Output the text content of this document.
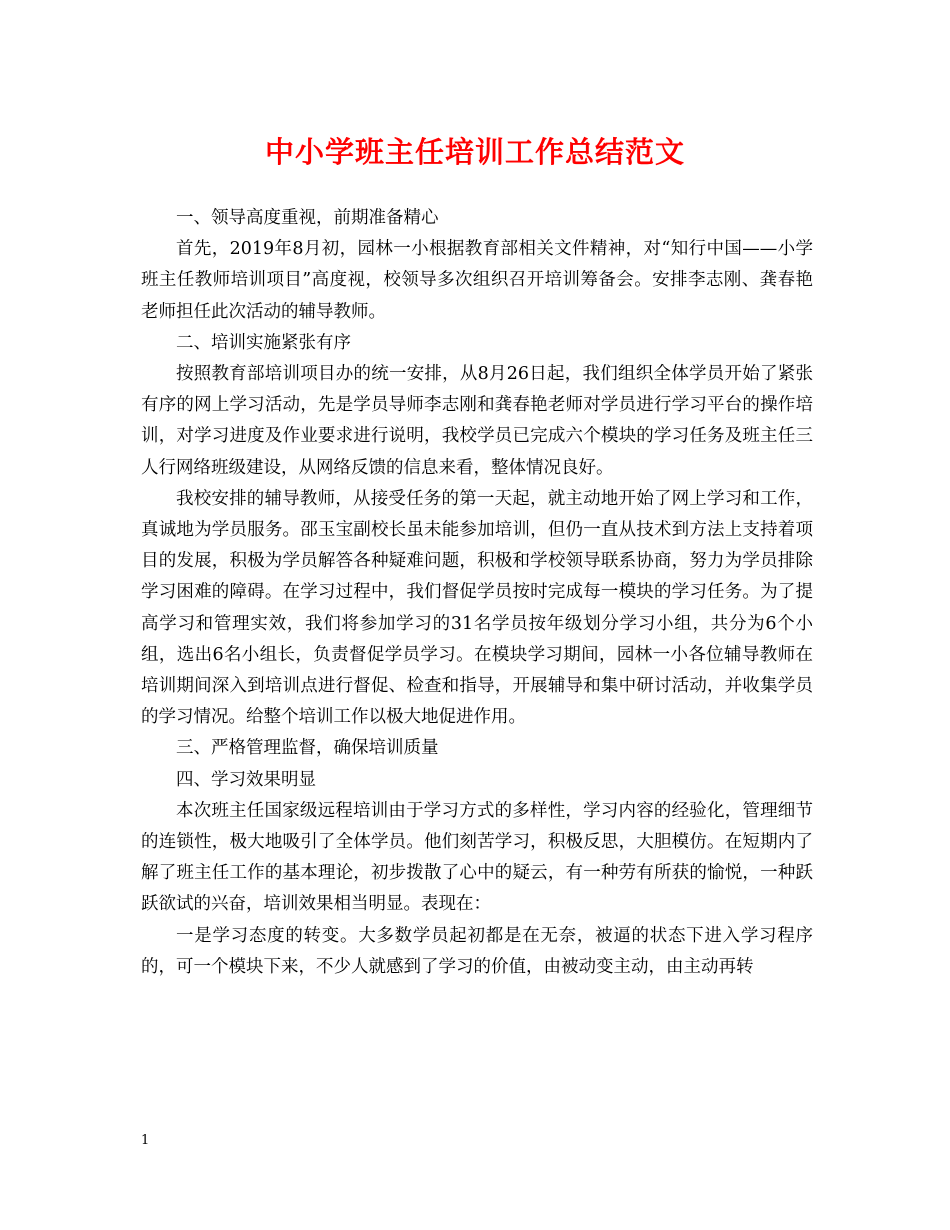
中小学班主任培训工作总结范文

一、领导高度重视，前期准备精心

首先，2019年8月初，园林一小根据教育部相关文件精神，对“知行中国——小学班主任教师培训项目”高度视，校领导多次组织召开培训筹备会。安排李志刚、龚春艳老师担任此次活动的辅导教师。

二、培训实施紧张有序

按照教育部培训项目办的统一安排，从8月26日起，我们组织全体学员开始了紧张有序的网上学习活动，先是学员导师李志刚和龚春艳老师对学员进行学习平台的操作培训，对学习进度及作业要求进行说明，我校学员已完成六个模块的学习任务及班主任三人行网络班级建设，从网络反馈的信息来看，整体情况良好。

我校安排的辅导教师，从接受任务的第一天起，就主动地开始了网上学习和工作，真诚地为学员服务。邵玉宝副校长虽未能参加培训，但仍一直从技术到方法上支持着项目的发展，积极为学员解答各种疑难问题，积极和学校领导联系协商，努力为学员排除学习困难的障碍。在学习过程中，我们督促学员按时完成每一模块的学习任务。为了提高学习和管理实效，我们将参加学习的31名学员按年级划分学习小组，共分为6个小组，选出6名小组长，负责督促学员学习。在模块学习期间，园林一小各位辅导教师在培训期间深入到培训点进行督促、检查和指导，开展辅导和集中研讨活动，并收集学员的学习情况。给整个培训工作以极大地促进作用。

三、严格管理监督，确保培训质量

四、学习效果明显

本次班主任国家级远程培训由于学习方式的多样性，学习内容的经验化，管理细节的连锁性，极大地吸引了全体学员。他们刻苦学习，积极反思，大胆模仿。在短期内了解了班主任工作的基本理论，初步拨散了心中的疑云，有一种劳有所获的愉悦，一种跃跃欲试的兴奋，培训效果相当明显。表现在：

一是学习态度的转变。大多数学员起初都是在无奈，被逼的状态下进入学习程序的，可一个模块下来，不少人就感到了学习的价值，由被动变主动，由主动再转

1
